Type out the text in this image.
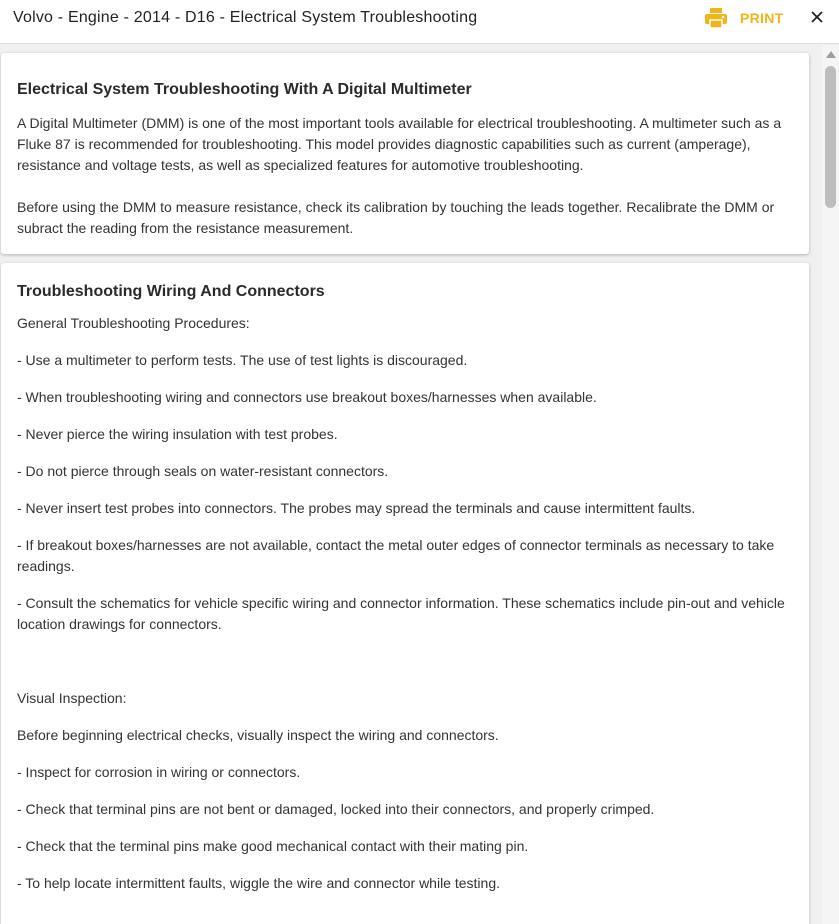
Volvo - Engine - 2014 - D16 - Electrical System Troubleshooting	PRINT
Electrical System Troubleshooting With A Digital Multimeter

A Digital Multimeter (DMM) is one of the most important tools available for electrical troubleshooting. A multimeter such as a Fluke 87 is recommended for troubleshooting. This model provides diagnostic capabilities such as current (amperage), resistance and voltage tests, as well as specialized features for automotive troubleshooting.

Before using the DMM to measure resistance, check its calibration by touching the leads together. Recalibrate the DMM or subract the reading from the resistance measurement.

Troubleshooting Wiring And Connectors

General Troubleshooting Procedures:

- Use a multimeter to perform tests. The use of test lights is discouraged.

- When troubleshooting wiring and connectors use breakout boxes/harnesses when available.

- Never pierce the wiring insulation with test probes.

- Do not pierce through seals on water-resistant connectors.

- Never insert test probes into connectors. The probes may spread the terminals and cause intermittent faults.

- If breakout boxes/harnesses are not available, contact the metal outer edges of connector terminals as necessary to take readings.

- Consult the schematics for vehicle specific wiring and connector information. These schematics include pin-out and vehicle location drawings for connectors.

Visual Inspection:

Before beginning electrical checks, visually inspect the wiring and connectors.

- Inspect for corrosion in wiring or connectors.

- Check that terminal pins are not bent or damaged, locked into their connectors, and properly crimped.

- Check that the terminal pins make good mechanical contact with their mating pin.

- To help locate intermittent faults, wiggle the wire and connector while testing.
